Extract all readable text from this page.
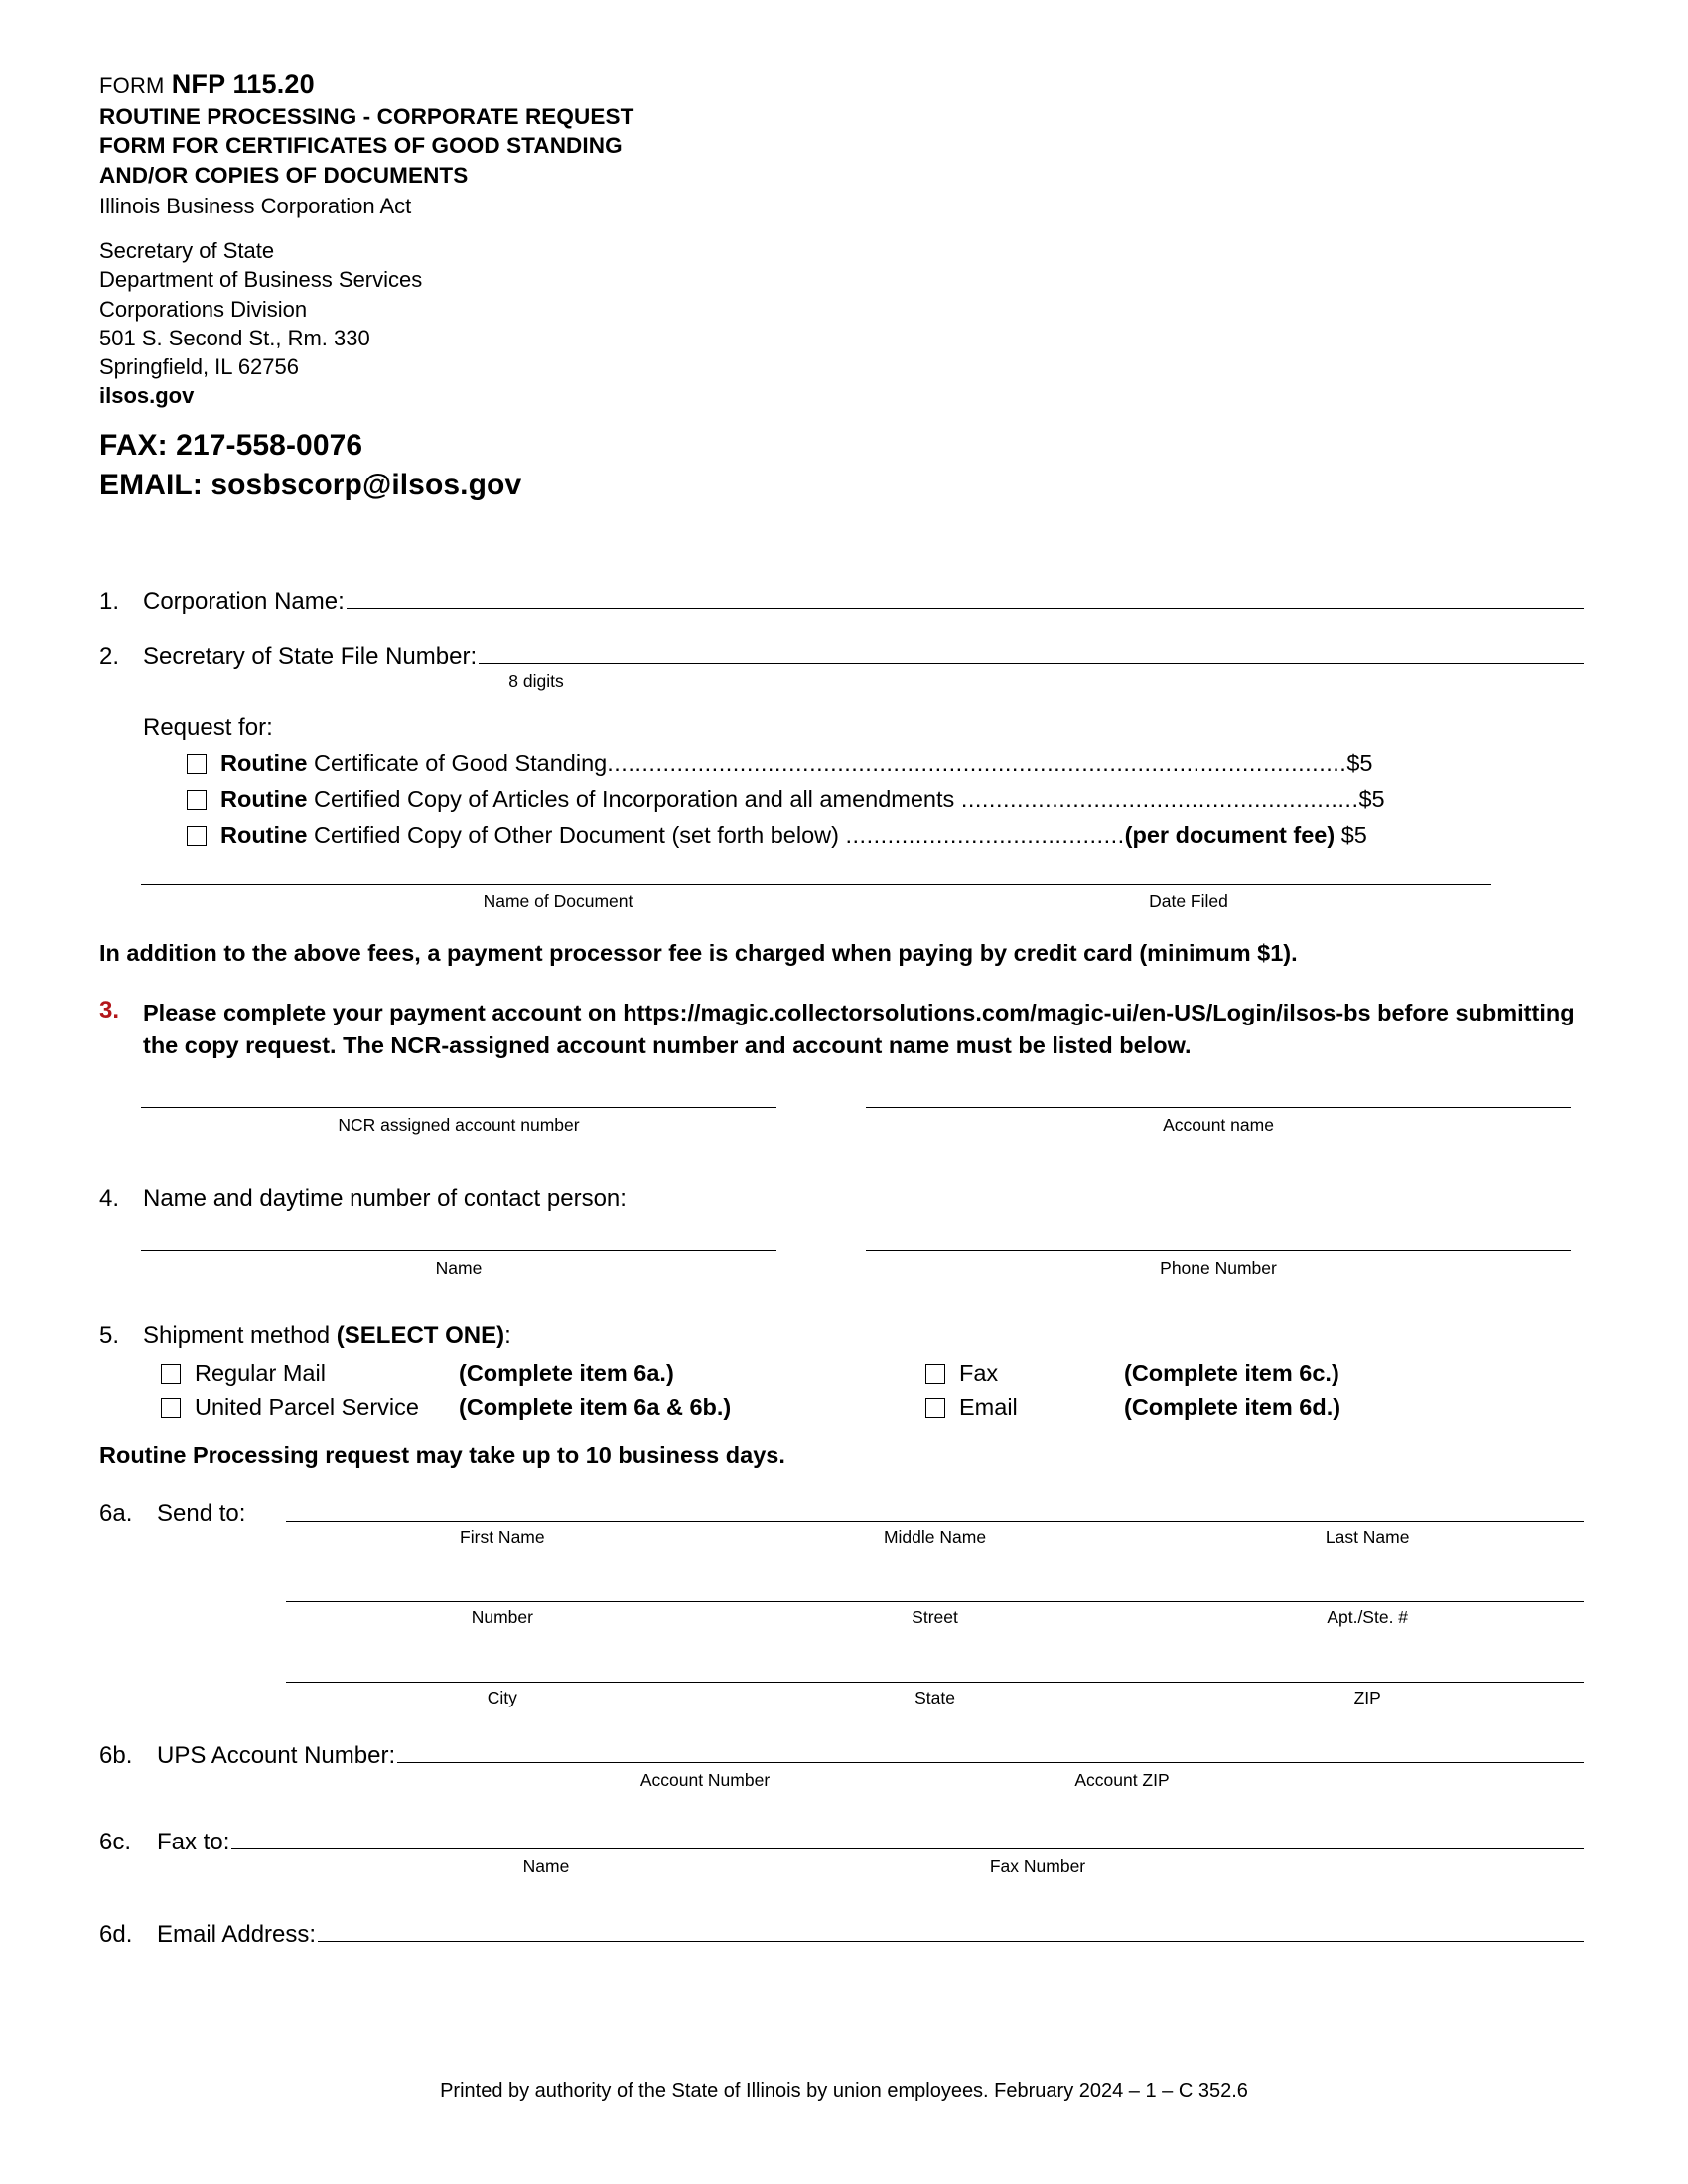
FORM NFP 115.20
ROUTINE PROCESSING - CORPORATE REQUEST
FORM FOR CERTIFICATES OF GOOD STANDING
AND/OR COPIES OF DOCUMENTS
Illinois Business Corporation Act
Secretary of State
Department of Business Services
Corporations Division
501 S. Second St., Rm. 330
Springfield, IL 62756
ilsos.gov
FAX: 217-558-0076
EMAIL: sosbscorp@ilsos.gov
1. Corporation Name:
2. Secretary of State File Number:
8 digits
Request for:
Routine Certificate of Good Standing..........................................................................................................$5
Routine Certified Copy of Articles of Incorporation and all amendments .........................................................$5
Routine Certified Copy of Other Document (set forth below) ........................................(per document fee) $5
Name of Document	Date Filed
In addition to the above fees, a payment processor fee is charged when paying by credit card (minimum $1).
3.	Please complete your payment account on https://magic.collectorsolutions.com/magic-ui/en-US/Login/ilsos-bs before submitting the copy request. The NCR-assigned account number and account name must be listed below.
NCR assigned account number	Account name
4. Name and daytime number of contact person:
Name	Phone Number
5. Shipment method (SELECT ONE):
Regular Mail	(Complete item 6a.)	Fax	(Complete item 6c.)
United Parcel Service (Complete item 6a & 6b.)	Email	(Complete item 6d.)
Routine Processing request may take up to 10 business days.
6a.	Send to:
First Name	Middle Name	Last Name
Number	Street	Apt./Ste. #
City	State	ZIP
6b.	UPS Account Number:
Account Number	Account ZIP
6c.	Fax to:
Name	Fax Number
6d.	Email Address:
Printed by authority of the State of Illinois by union employees. February 2024 – 1 – C 352.6
